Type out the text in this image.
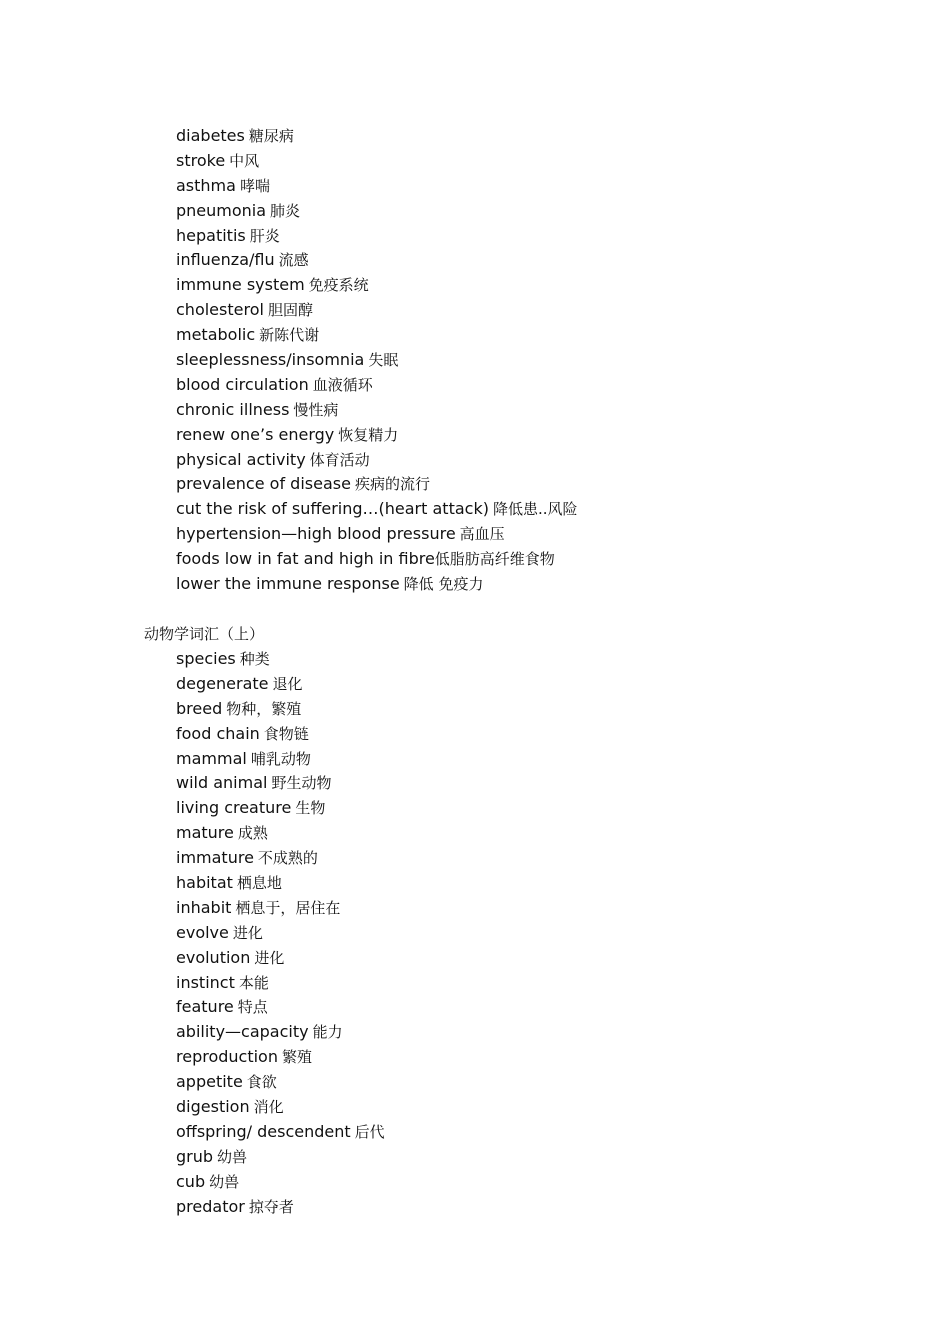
diabetes 糖尿病
stroke 中风
asthma 哮喘
pneumonia 肺炎
hepatitis 肝炎
influenza/flu 流感
immune system 免疫系统
cholesterol 胆固醇
metabolic 新陈代谢
sleeplessness/insomnia 失眠
blood circulation 血液循环
chronic illness 慢性病
renew one’s energy 恢复精力
physical activity 体育活动
prevalence of disease 疾病的流行
cut the risk of suffering…(heart attack) 降低患..风险
hypertension—high blood pressure 高血压
foods low in fat and high in fibre低脂肪高纤维食物
lower the immune response 降低 免疫力
动物学词汇（上）
species 种类
degenerate 退化
breed 物种，繁殖
food chain 食物链
mammal 哺乳动物
wild animal 野生动物
living creature 生物
mature 成熟
immature 不成熟的
habitat 栖息地
inhabit 栖息于，居住在
evolve 进化
evolution 进化
instinct 本能
feature 特点
ability—capacity 能力
reproduction 繁殖
appetite 食欲
digestion 消化
offspring/ descendent 后代
grub 幼兽
cub 幼兽
predator 掠夺者
